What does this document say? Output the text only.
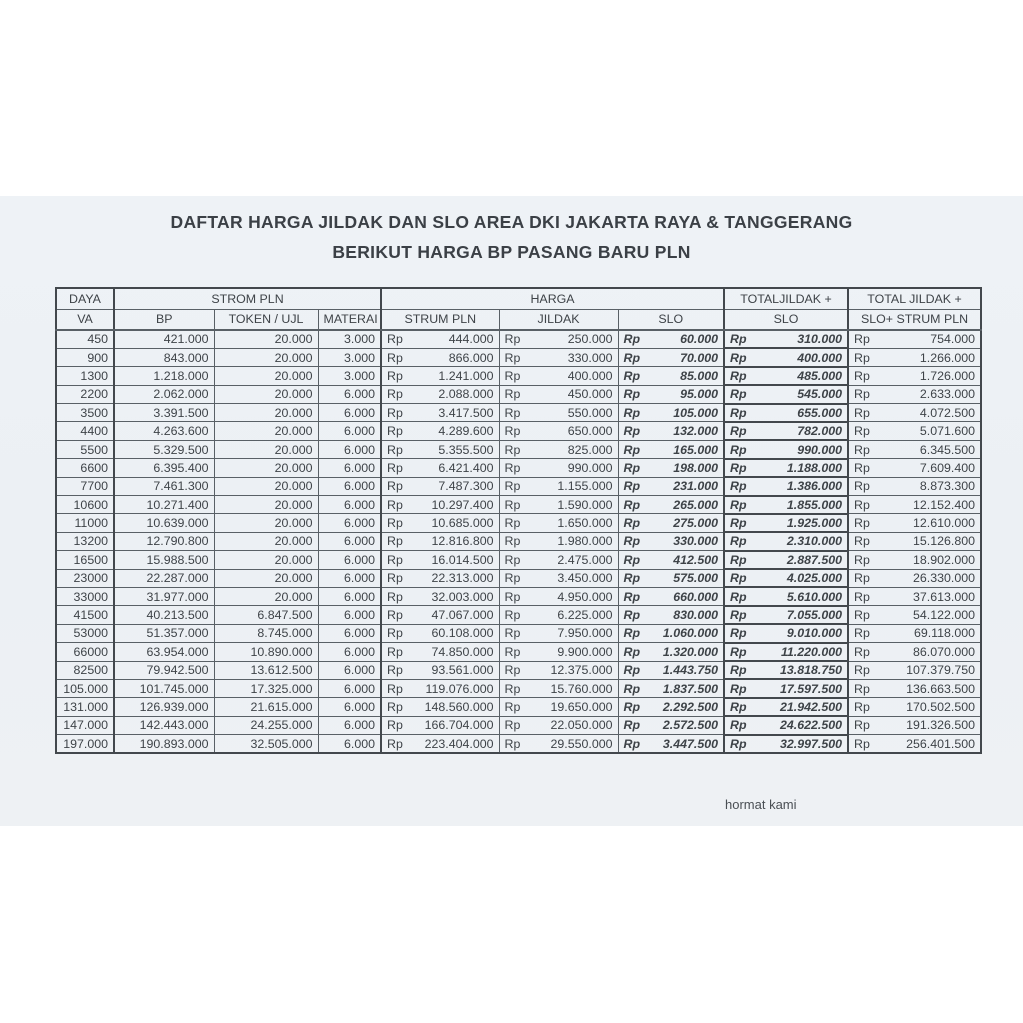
DAFTAR HARGA JILDAK DAN SLO AREA DKI JAKARTA RAYA & TANGGERANG
BERIKUT HARGA BP PASANG BARU PLN
DAYA	STROM PLN			HARGA			TOTALJILDAK +	TOTAL JILDAK +
VA	BP	TOKEN / UJL	MATERAI	STRUM PLN	JILDAK	SLO	SLO	SLO+ STRUM PLN
450	421.000	20.000	3.000	Rp 444.000	Rp 250.000	Rp 60.000	Rp 310.000	Rp 754.000
900	843.000	20.000	3.000	Rp 866.000	Rp 330.000	Rp 70.000	Rp 400.000	Rp 1.266.000
1300	1.218.000	20.000	3.000	Rp 1.241.000	Rp 400.000	Rp 85.000	Rp 485.000	Rp 1.726.000
2200	2.062.000	20.000	6.000	Rp 2.088.000	Rp 450.000	Rp 95.000	Rp 545.000	Rp 2.633.000
3500	3.391.500	20.000	6.000	Rp 3.417.500	Rp 550.000	Rp 105.000	Rp 655.000	Rp 4.072.500
4400	4.263.600	20.000	6.000	Rp 4.289.600	Rp 650.000	Rp 132.000	Rp 782.000	Rp 5.071.600
5500	5.329.500	20.000	6.000	Rp 5.355.500	Rp 825.000	Rp 165.000	Rp 990.000	Rp 6.345.500
6600	6.395.400	20.000	6.000	Rp 6.421.400	Rp 990.000	Rp 198.000	Rp 1.188.000	Rp 7.609.400
7700	7.461.300	20.000	6.000	Rp 7.487.300	Rp 1.155.000	Rp 231.000	Rp 1.386.000	Rp 8.873.300
10600	10.271.400	20.000	6.000	Rp 10.297.400	Rp 1.590.000	Rp 265.000	Rp 1.855.000	Rp 12.152.400
11000	10.639.000	20.000	6.000	Rp 10.685.000	Rp 1.650.000	Rp 275.000	Rp 1.925.000	Rp 12.610.000
13200	12.790.800	20.000	6.000	Rp 12.816.800	Rp 1.980.000	Rp 330.000	Rp 2.310.000	Rp 15.126.800
16500	15.988.500	20.000	6.000	Rp 16.014.500	Rp 2.475.000	Rp 412.500	Rp 2.887.500	Rp 18.902.000
23000	22.287.000	20.000	6.000	Rp 22.313.000	Rp 3.450.000	Rp 575.000	Rp 4.025.000	Rp 26.330.000
33000	31.977.000	20.000	6.000	Rp 32.003.000	Rp 4.950.000	Rp 660.000	Rp 5.610.000	Rp 37.613.000
41500	40.213.500	6.847.500	6.000	Rp 47.067.000	Rp 6.225.000	Rp 830.000	Rp 7.055.000	Rp 54.122.000
53000	51.357.000	8.745.000	6.000	Rp 60.108.000	Rp 7.950.000	Rp 1.060.000	Rp 9.010.000	Rp 69.118.000
66000	63.954.000	10.890.000	6.000	Rp 74.850.000	Rp 9.900.000	Rp 1.320.000	Rp 11.220.000	Rp 86.070.000
82500	79.942.500	13.612.500	6.000	Rp 93.561.000	Rp 12.375.000	Rp 1.443.750	Rp 13.818.750	Rp 107.379.750
105.000	101.745.000	17.325.000	6.000	Rp 119.076.000	Rp 15.760.000	Rp 1.837.500	Rp 17.597.500	Rp 136.663.500
131.000	126.939.000	21.615.000	6.000	Rp 148.560.000	Rp 19.650.000	Rp 2.292.500	Rp 21.942.500	Rp 170.502.500
147.000	142.443.000	24.255.000	6.000	Rp 166.704.000	Rp 22.050.000	Rp 2.572.500	Rp 24.622.500	Rp 191.326.500
197.000	190.893.000	32.505.000	6.000	Rp 223.404.000	Rp 29.550.000	Rp 3.447.500	Rp 32.997.500	Rp 256.401.500
hormat kami
